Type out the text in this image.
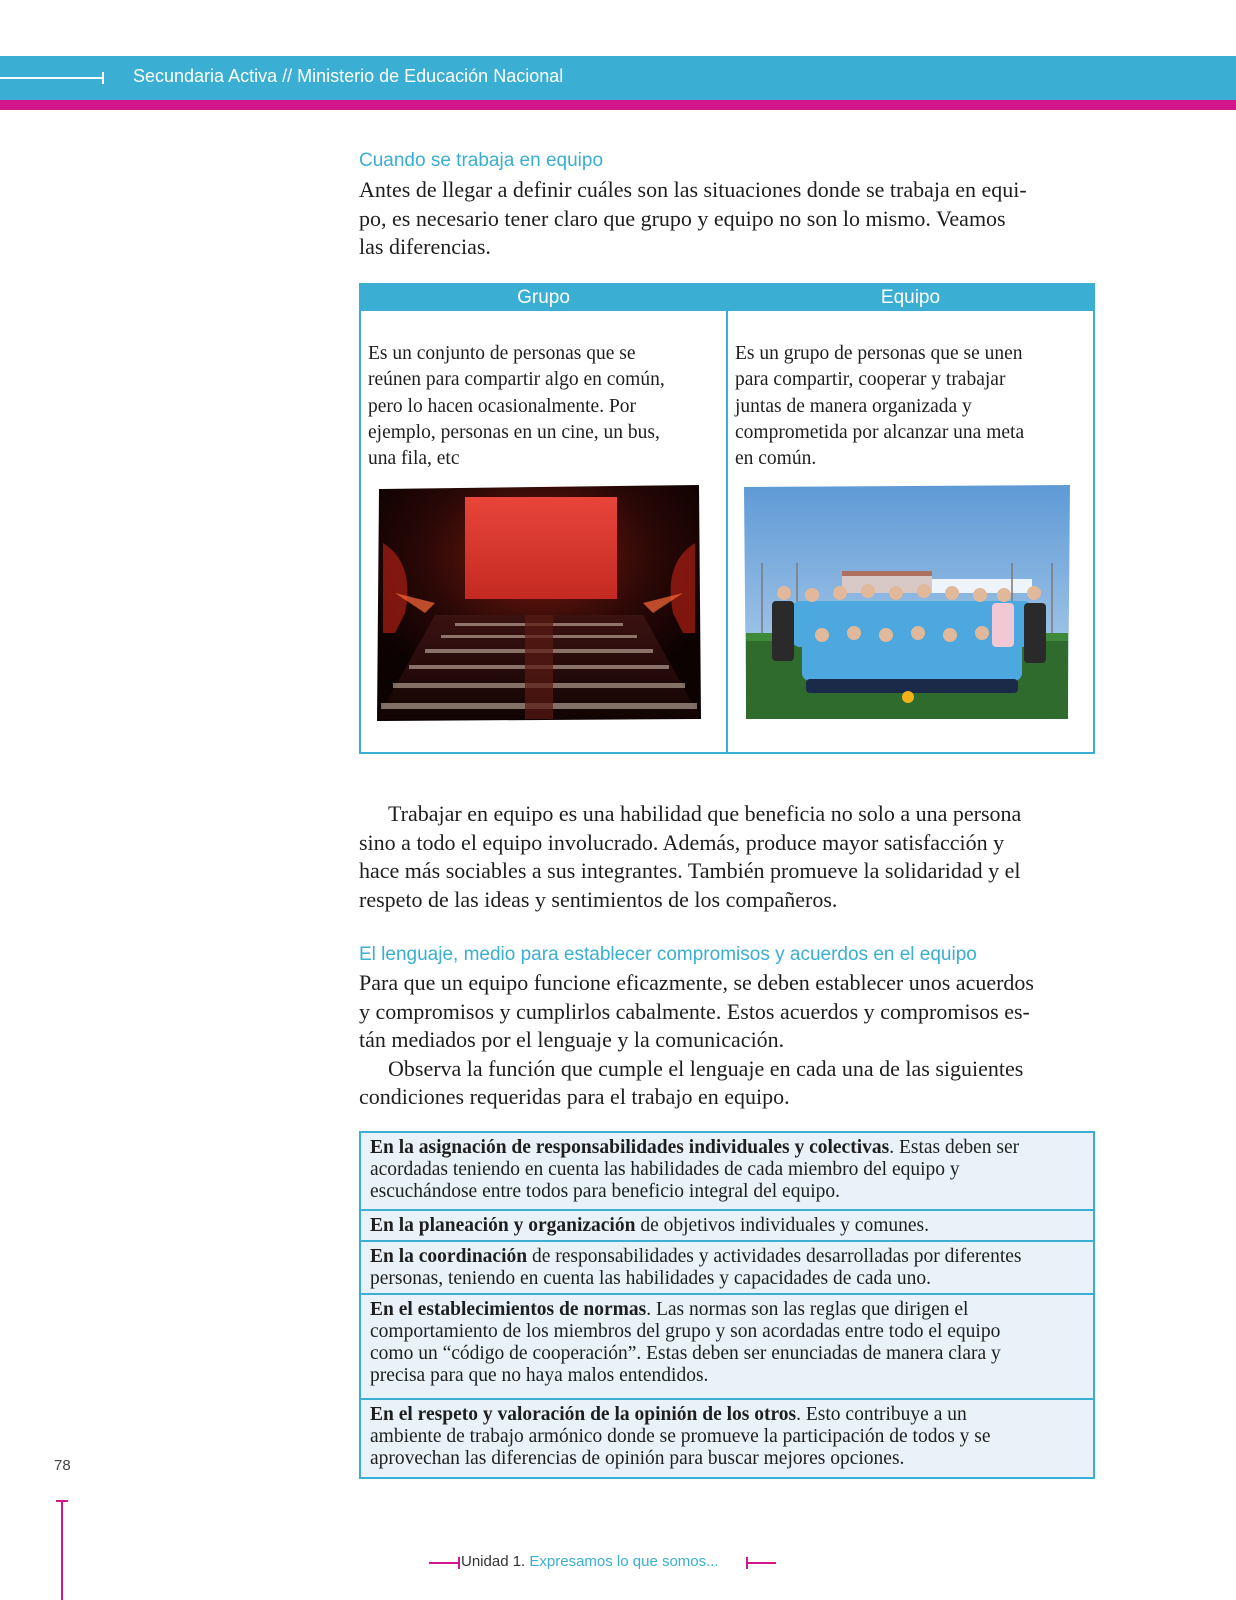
Secundaria Activa // Ministerio de Educación Nacional
Cuando se trabaja en equipo
Antes de llegar a definir cuáles son las situaciones donde se trabaja en equi-
po, es necesario tener claro que grupo y equipo no son lo mismo. Veamos
las diferencias.
Grupo	Equipo
Es un conjunto de personas que se
reúnen para compartir algo en común,
pero lo hacen ocasionalmente. Por
ejemplo, personas en un cine, un bus,
una fila, etc
Es un grupo de personas que se unen
para compartir, cooperar y trabajar
juntas de manera organizada y
comprometida por alcanzar una meta
en común.
Trabajar en equipo es una habilidad que beneficia no solo a una persona
sino a todo el equipo involucrado. Además, produce mayor satisfacción y
hace más sociables a sus integrantes. También promueve la solidaridad y el
respeto de las ideas y sentimientos de los compañeros.
El lenguaje, medio para establecer compromisos y acuerdos en el equipo
Para que un equipo funcione eficazmente, se deben establecer unos acuerdos
y compromisos y cumplirlos cabalmente. Estos acuerdos y compromisos es-
tán mediados por el lenguaje y la comunicación.
Observa la función que cumple el lenguaje en cada una de las siguientes
condiciones requeridas para el trabajo en equipo.
En la asignación de responsabilidades individuales y colectivas. Estas deben ser
acordadas teniendo en cuenta las habilidades de cada miembro del equipo y
escuchándose entre todos para beneficio integral del equipo.
En la planeación y organización de objetivos individuales y comunes.
En la coordinación de responsabilidades y actividades desarrolladas por diferentes
personas, teniendo en cuenta las habilidades y capacidades de cada uno.
En el establecimientos de normas. Las normas son las reglas que dirigen el
comportamiento de los miembros del grupo y son acordadas entre todo el equipo
como un “código de cooperación”. Estas deben ser enunciadas de manera clara y
precisa para que no haya malos entendidos.
En el respeto y valoración de la opinión de los otros. Esto contribuye a un
ambiente de trabajo armónico donde se promueve la participación de todos y se
aprovechan las diferencias de opinión para buscar mejores opciones.
78
Unidad 1. Expresamos lo que somos...
